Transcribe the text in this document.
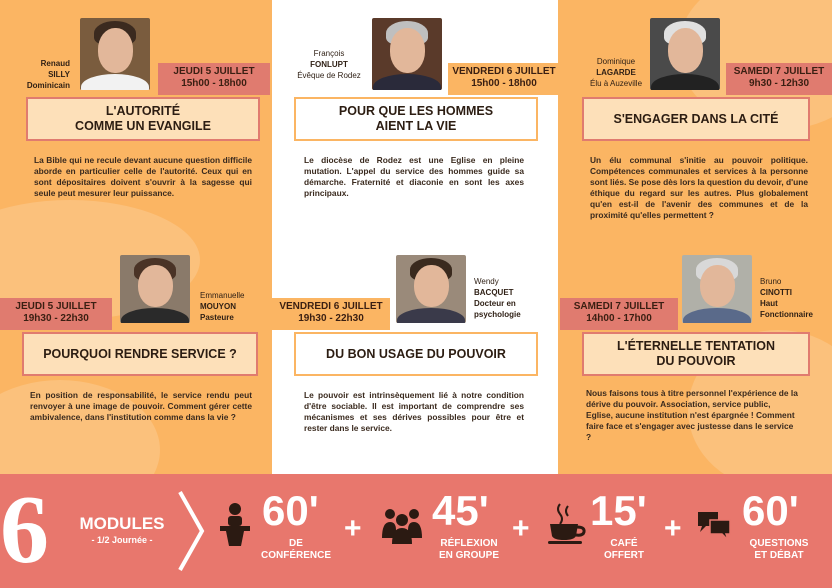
Renaud
SILLY
Dominicain
JEUDI 5 JUILLET
15h00 - 18h00
L'AUTORITÉ
COMME UN EVANGILE
La Bible qui ne recule devant aucune question difficile aborde en particulier celle de l'autorité. Ceux qui en sont dépositaires doivent s'ouvrir à la sagesse qui seule peut mesurer leur puissance.
François
FONLUPT
Évêque de Rodez	VENDREDI 6 JUILLET
15h00 - 18h00
POUR QUE LES HOMMES
AIENT LA VIE
Le diocèse de Rodez est une Eglise en pleine mutation. L'appel du service des hommes guide sa démarche. Fraternité et diaconie en sont les axes principaux.
Dominique
LAGARDE
Élu à Auzeville
SAMEDI 7 JUILLET
9h30 - 12h30
S'ENGAGER DANS LA CITÉ
Un élu communal s'initie au pouvoir politique. Compétences communales et services à la personne sont liés. Se pose dès lors la question du devoir, d'une éthique du regard sur les autres. Plus globalement qu'en est-il de l'avenir des communes et de la proximité qu'elles permettent ?
Emmanuelle
MOUYON
Pasteure
JEUDI 5 JUILLET
19h30 - 22h30
POURQUOI RENDRE SERVICE ?
En position de responsabilité, le service rendu peut renvoyer à une image de pouvoir. Comment gérer cette ambivalence, dans l'institution comme dans la vie ?
Wendy
BACQUET
Docteur en
psychologie
VENDREDI 6 JUILLET
19h30 - 22h30
DU BON USAGE DU POUVOIR
Le pouvoir est intrinsèquement lié à notre condition d'être sociable. Il est important de comprendre ses mécanismes et ses dérives possibles pour être et rester dans le service.
Bruno
CINOTTI
Haut
Fonctionnaire
SAMEDI 7 JUILLET
14h00 - 17h00
L'ÉTERNELLE TENTATION
DU POUVOIR
Nous faisons tous à titre personnel l'expérience de la dérive du pouvoir. Association, service public, Eglise, aucune institution n'est épargnée ! Comment faire face et s'engager avec justesse dans le service ?
6	MODULES
- 1/2 Journée -
60'
DE
CONFÉRENCE
+ 45'
RÉFLEXION
EN GROUPE
+ 15'
CAFÉ
OFFERT
+ 60'
QUESTIONS
ET DÉBAT
